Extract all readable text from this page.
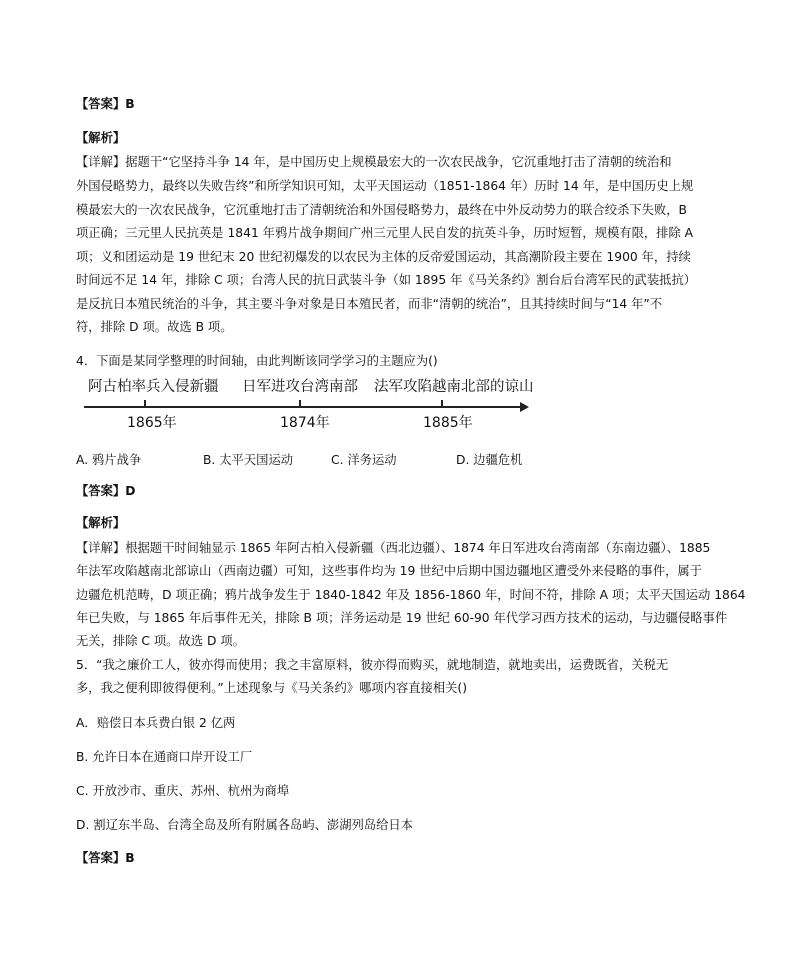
【答案】B
【解析】
【详解】据题干“它坚持斗争 14 年，是中国历史上规模最宏大的一次农民战争，它沉重地打击了清朝的统治和
外国侵略势力，最终以失败告终”和所学知识可知，太平天国运动（1851-1864 年）历时 14 年，是中国历史上规
模最宏大的一次农民战争，它沉重地打击了清朝统治和外国侵略势力，最终在中外反动势力的联合绞杀下失败，B
项正确；三元里人民抗英是 1841 年鸦片战争期间广州三元里人民自发的抗英斗争，历时短暂，规模有限，排除 A
项；义和团运动是 19 世纪末 20 世纪初爆发的以农民为主体的反帝爱国运动，其高潮阶段主要在 1900 年，持续
时间远不足 14 年，排除 C 项；台湾人民的抗日武装斗争（如 1895 年《马关条约》割台后台湾军民的武装抵抗）
是反抗日本殖民统治的斗争，其主要斗争对象是日本殖民者，而非“清朝的统治”，且其持续时间与“14 年”不
符，排除 D 项。故选 B 项。
4．下面是某同学整理的时间轴，由此判断该同学学习的主题应为()
阿古柏率兵入侵新疆 日军进攻台湾南部 法军攻陷越南北部的谅山
1865年	1874年	1885年
A. 鸦片战争	B. 太平天国运动	C. 洋务运动	D. 边疆危机
【答案】D
【解析】
【详解】根据题干时间轴显示 1865 年阿古柏入侵新疆（西北边疆）、1874 年日军进攻台湾南部（东南边疆）、1885
年法军攻陷越南北部谅山（西南边疆）可知，这些事件均为 19 世纪中后期中国边疆地区遭受外来侵略的事件，属于
边疆危机范畴，D 项正确；鸦片战争发生于 1840-1842 年及 1856-1860 年，时间不符，排除 A 项；太平天国运动 1864
年已失败，与 1865 年后事件无关，排除 B 项；洋务运动是 19 世纪 60-90 年代学习西方技术的运动，与边疆侵略事件
无关，排除 C 项。故选 D 项。
5．“我之廉价工人，彼亦得而使用；我之丰富原料，彼亦得而购买，就地制造，就地卖出，运费既省，关税无
多，我之便利即彼得便利。”上述现象与《马关条约》哪项内容直接相关()
A．赔偿日本兵费白银 2 亿两
B. 允许日本在通商口岸开设工厂
C. 开放沙市、重庆、苏州、杭州为商埠
D. 割辽东半岛、台湾全岛及所有附属各岛屿、澎湖列岛给日本
【答案】B
